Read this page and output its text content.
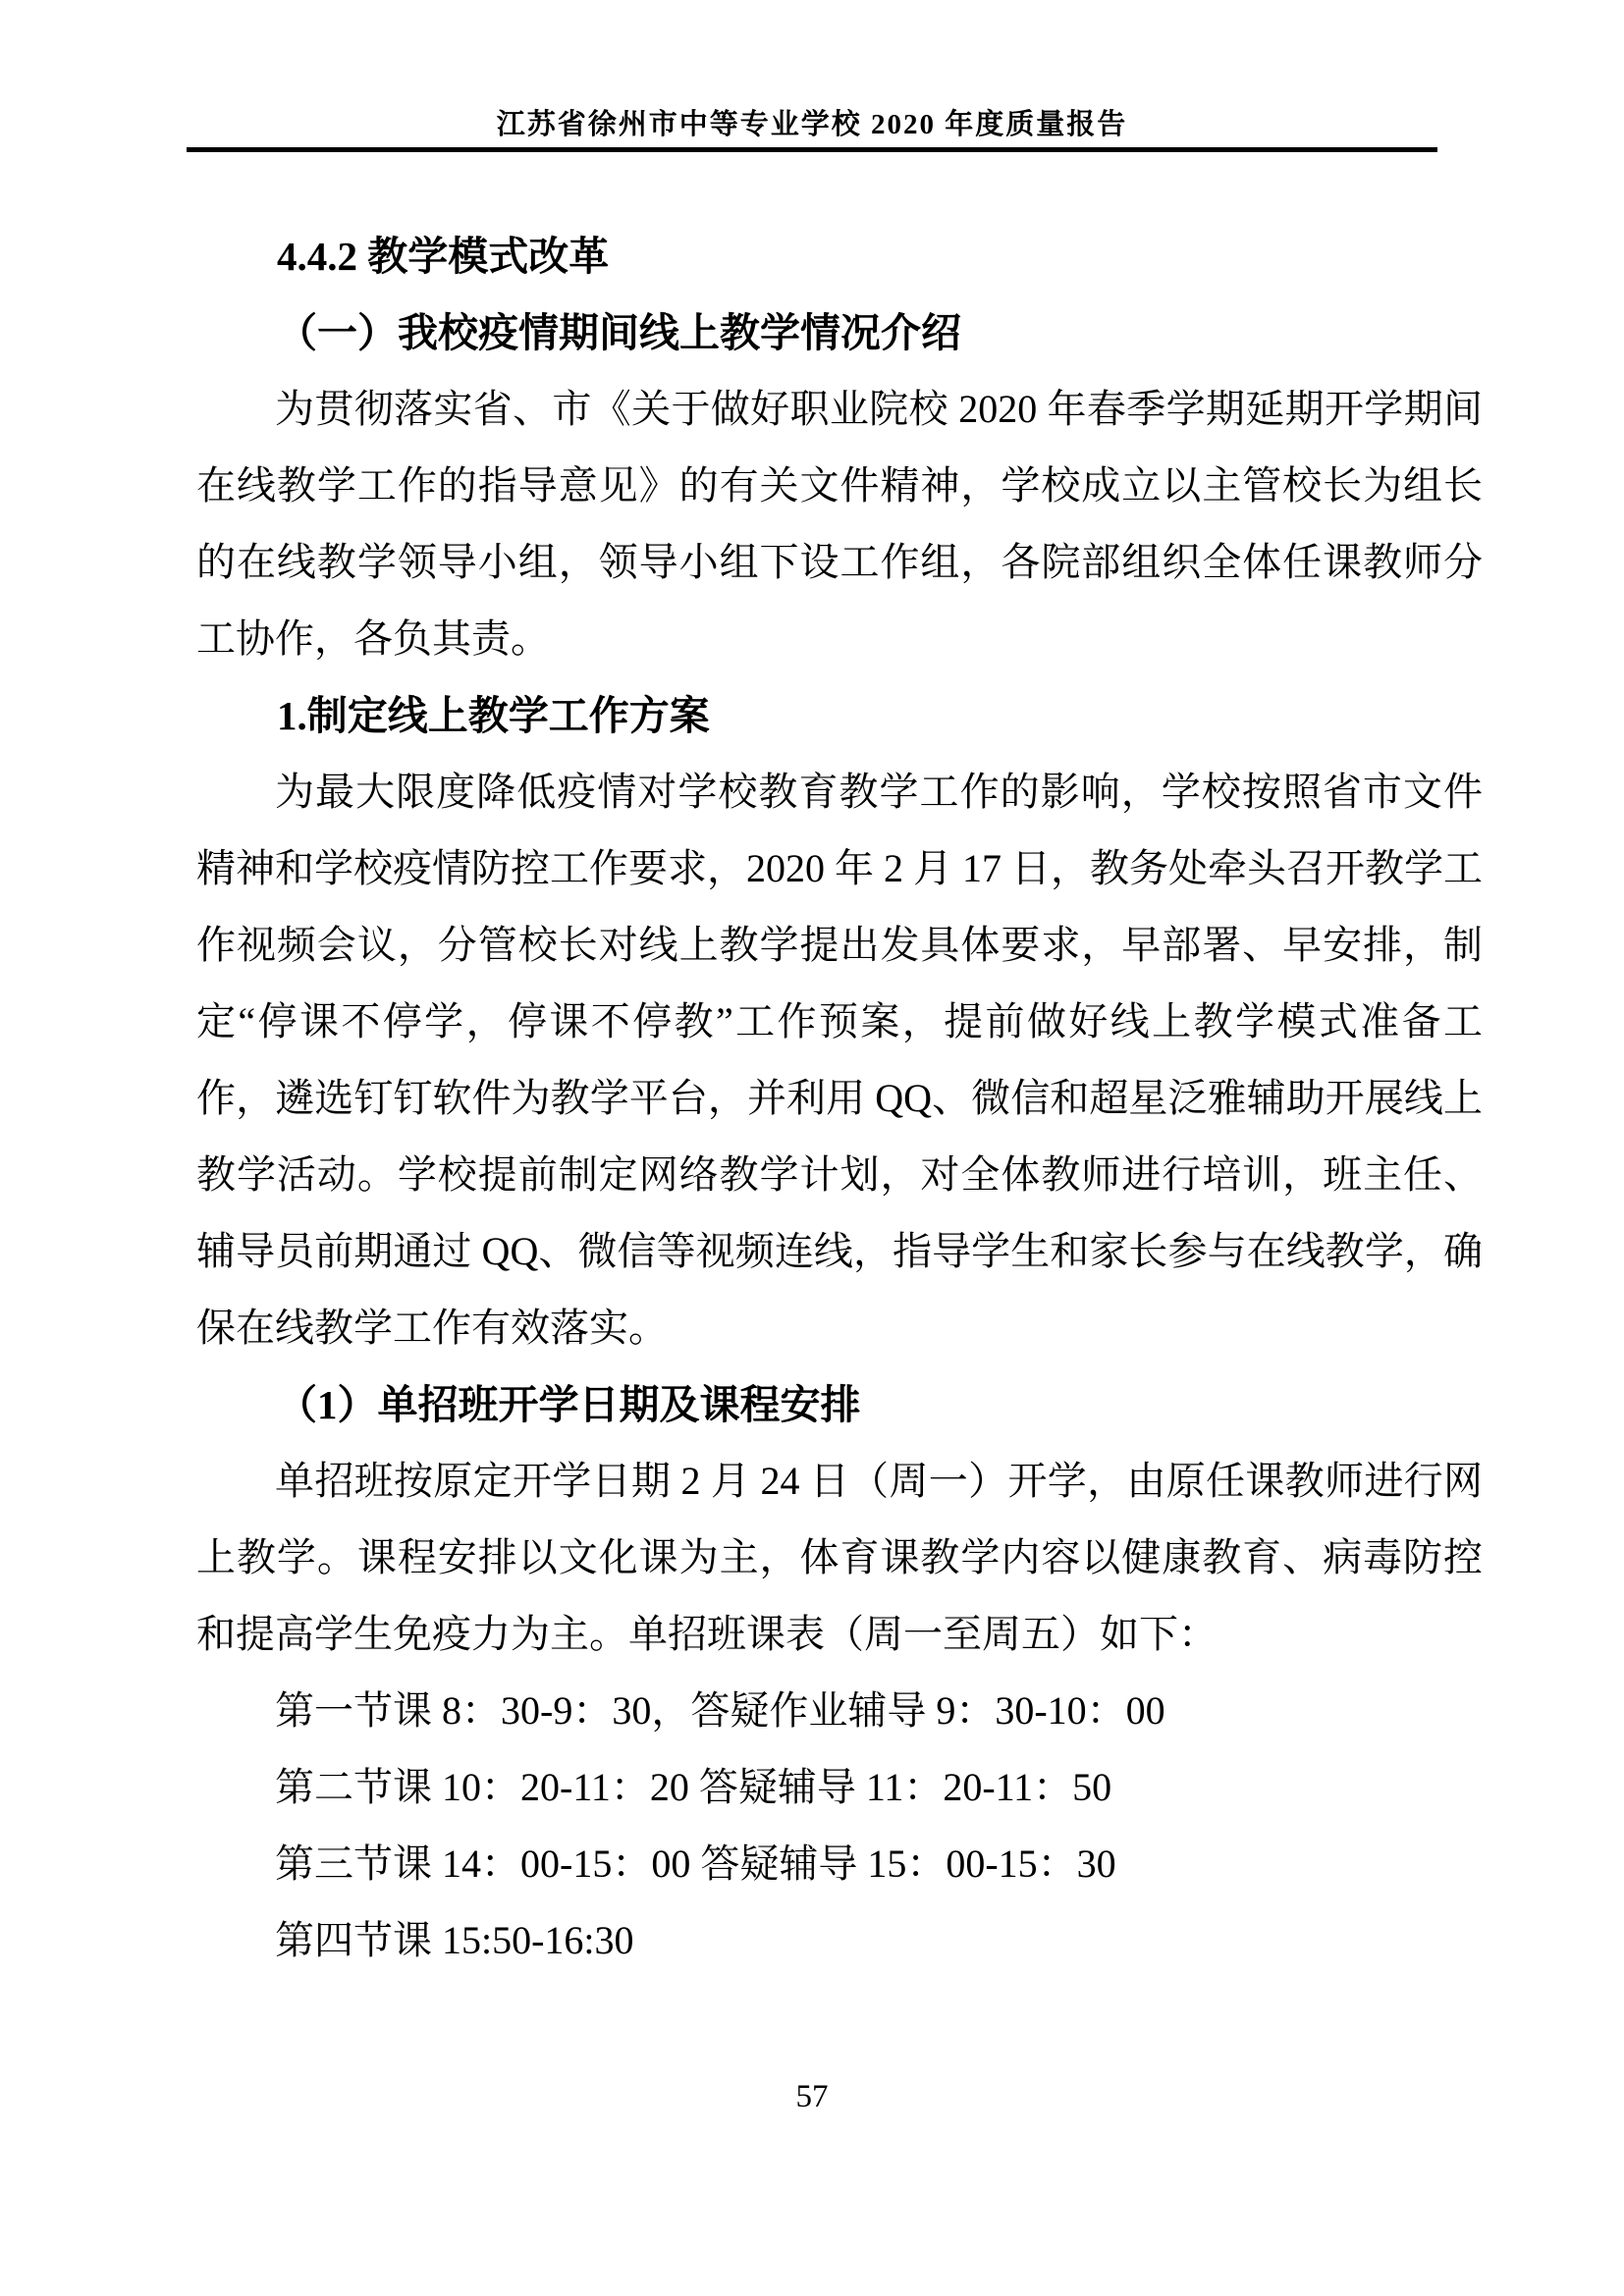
江苏省徐州市中等专业学校 2020 年度质量报告
4.4.2 教学模式改革
（一）我校疫情期间线上教学情况介绍
为贯彻落实省、市《关于做好职业院校 2020 年春季学期延期开学期间
在线教学工作的指导意见》的有关文件精神，学校成立以主管校长为组长
的在线教学领导小组，领导小组下设工作组，各院部组织全体任课教师分
工协作，各负其责。
1.制定线上教学工作方案
为最大限度降低疫情对学校教育教学工作的影响，学校按照省市文件
精神和学校疫情防控工作要求，2020 年 2 月 17 日，教务处牵头召开教学工
作视频会议，分管校长对线上教学提出发具体要求，早部署、早安排，制
定“停课不停学，停课不停教”工作预案，提前做好线上教学模式准备工
作，遴选钉钉软件为教学平台，并利用 QQ、微信和超星泛雅辅助开展线上
教学活动。学校提前制定网络教学计划，对全体教师进行培训，班主任、
辅导员前期通过 QQ、微信等视频连线，指导学生和家长参与在线教学，确
保在线教学工作有效落实。
（1）单招班开学日期及课程安排
单招班按原定开学日期 2 月 24 日（周一）开学，由原任课教师进行网
上教学。课程安排以文化课为主，体育课教学内容以健康教育、病毒防控
和提高学生免疫力为主。单招班课表（周一至周五）如下：
第一节课 8：30-9：30，答疑作业辅导 9：30-10：00
第二节课 10：20-11：20 答疑辅导 11：20-11：50
第三节课 14：00-15：00 答疑辅导 15：00-15：30
第四节课 15:50-16:30
57
